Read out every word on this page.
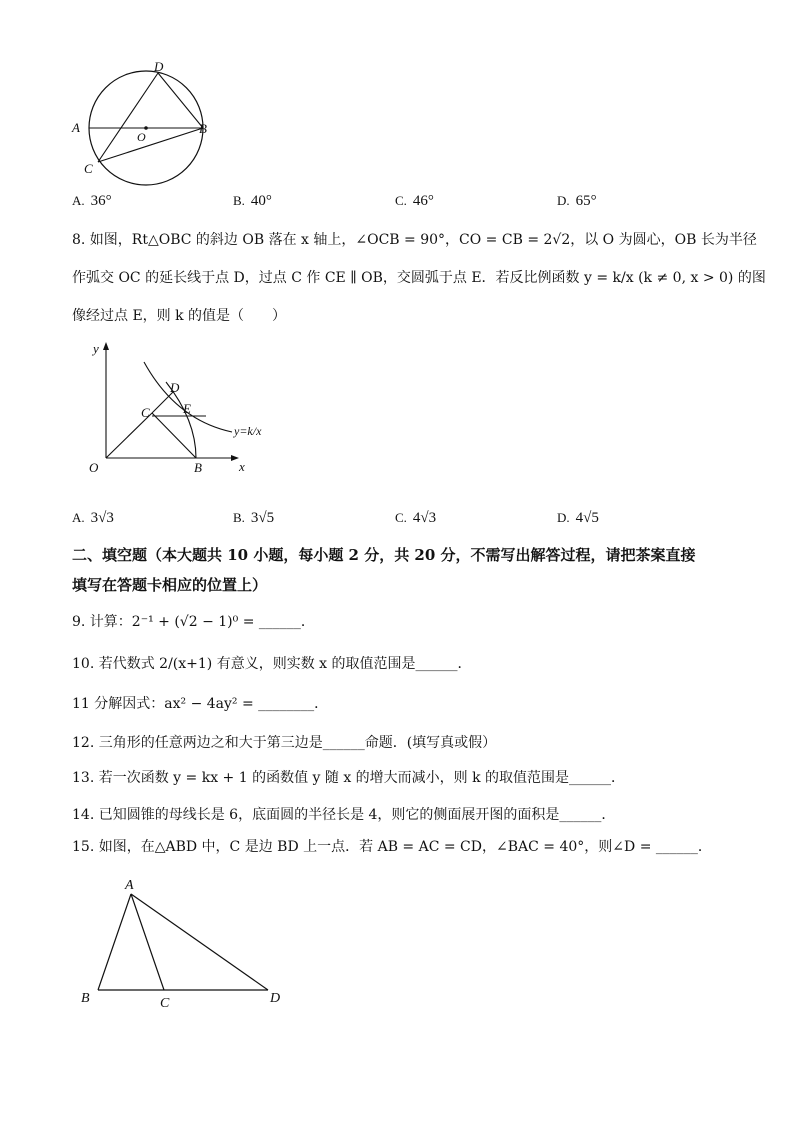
A	B
C
D
O
A. 36°	B. 40°	C. 46°	D. 65°
8. 如图，Rt△OBC 的斜边 OB 落在 x 轴上，∠OCB = 90°，CO = CB = 2√2，以 O 为圆心，OB 长为半径
作弧交 OC 的延长线于点 D，过点 C 作 CE ∥ OB，交圆弧于点 E．若反比例函数 y = k/x (k ≠ 0, x > 0) 的图
像经过点 E，则 k 的值是（　　）
y
x
O	B
C
D
E
y=k/x
A. 3√3	B. 3√5	C. 4√3	D. 4√5
二、填空题（本大题共 10 小题，每小题 2 分，共 20 分，不需写出解答过程，请把茶案直接
填写在答题卡相应的位置上）
9. 计算：2⁻¹ + (√2 − 1)⁰ = ______．
10. 若代数式 2/(x+1) 有意义，则实数 x 的取值范围是______．
11 分解因式：ax² − 4ay² = ________．
12. 三角形的任意两边之和大于第三边是______命题．(填写真或假）
13. 若一次函数 y = kx + 1 的函数值 y 随 x 的增大而减小，则 k 的取值范围是______．
14. 已知圆锥的母线长是 6，底面圆的半径长是 4，则它的侧面展开图的面积是______．
15. 如图，在△ABD 中，C 是边 BD 上一点．若 AB = AC = CD，∠BAC = 40°，则∠D = ______．
A
B	C	D
